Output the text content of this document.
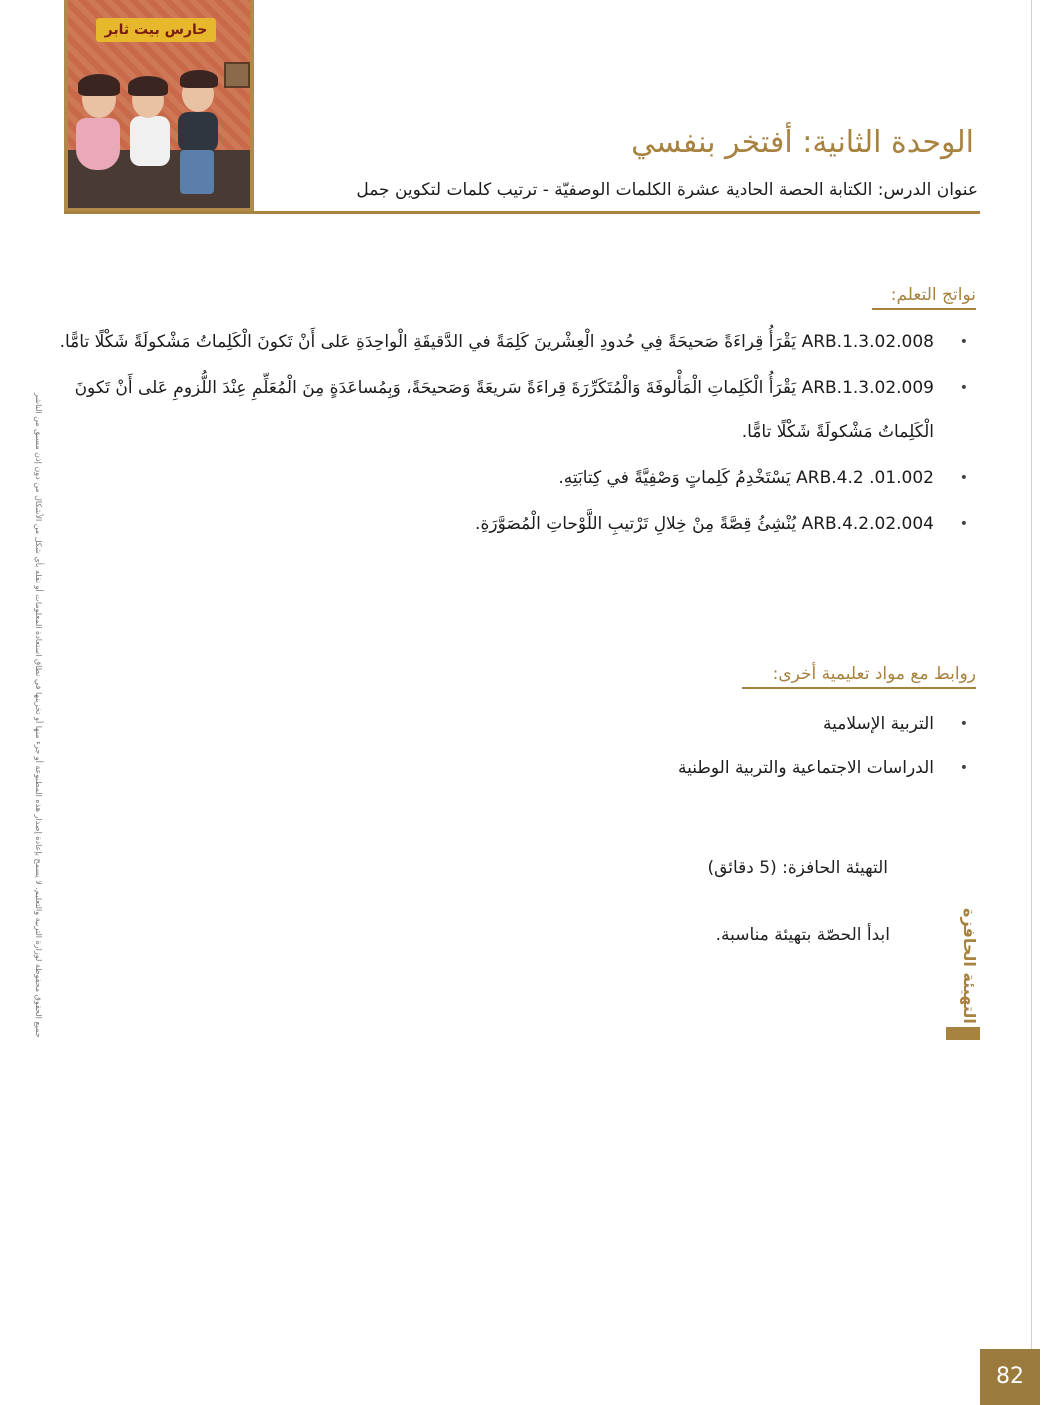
حارس بيت ثابر
الوحدة الثانية: أفتخر بنفسي
عنوان الدرس: الكتابة الحصة الحادية عشرة الكلمات الوصفيّة - ترتيب كلمات لتكوين جمل
نواتج التعلم:
•
ARB.1.3.02.008 يَقْرَأُ قِراءَةً صَحيحَةً فِي حُدودِ الْعِشْرينَ كَلِمَةً في الدَّقيقَةِ الْواحِدَةِ عَلى أَنْ تَكونَ الْكَلِماتُ مَشْكولَةً شَكْلًا تامًّا.
•
ARB.1.3.02.009 يَقْرَأُ الْكَلِماتِ الْمَأْلوفَةَ وَالْمُتَكَرِّرَةَ قِراءَةً سَريعَةً وَصَحيحَةً، وَبِمُساعَدَةٍ مِنَ الْمُعَلِّمِ عِنْدَ اللُّزومِ عَلى أَنْ تَكونَ الْكَلِماتُ مَشْكولَةً شَكْلًا تامًّا.
•
ARB.4.2 .01.002 يَسْتَخْدِمُ كَلِماتٍ وَصْفِيَّةً في كِتابَتِهِ.
•
ARB.4.2.02.004 يُنْشِئُ قِصَّةً مِنْ خِلالِ تَرْتيبِ اللَّوْحاتِ الْمُصَوَّرَةِ.
روابط مع مواد تعليمية أخرى:
•
التربية الإسلامية
•
الدراسات الاجتماعية والتربية الوطنية
التهيئة الحافزة: (5 دقائق)
ابدأ الحصّة بتهيئة مناسبة.	التهيئة الحافزة
جميع الحقوق محفوظة لوزارة التربية والتعليم. لا يسمح بإعادة إصدار هذه المطبوعة أو جزء منها أو تخزينها في نطاق استعادة المعلومات أو نقله بأي شكل من الأشكال من دون إذن مسبق من الناشر
82
